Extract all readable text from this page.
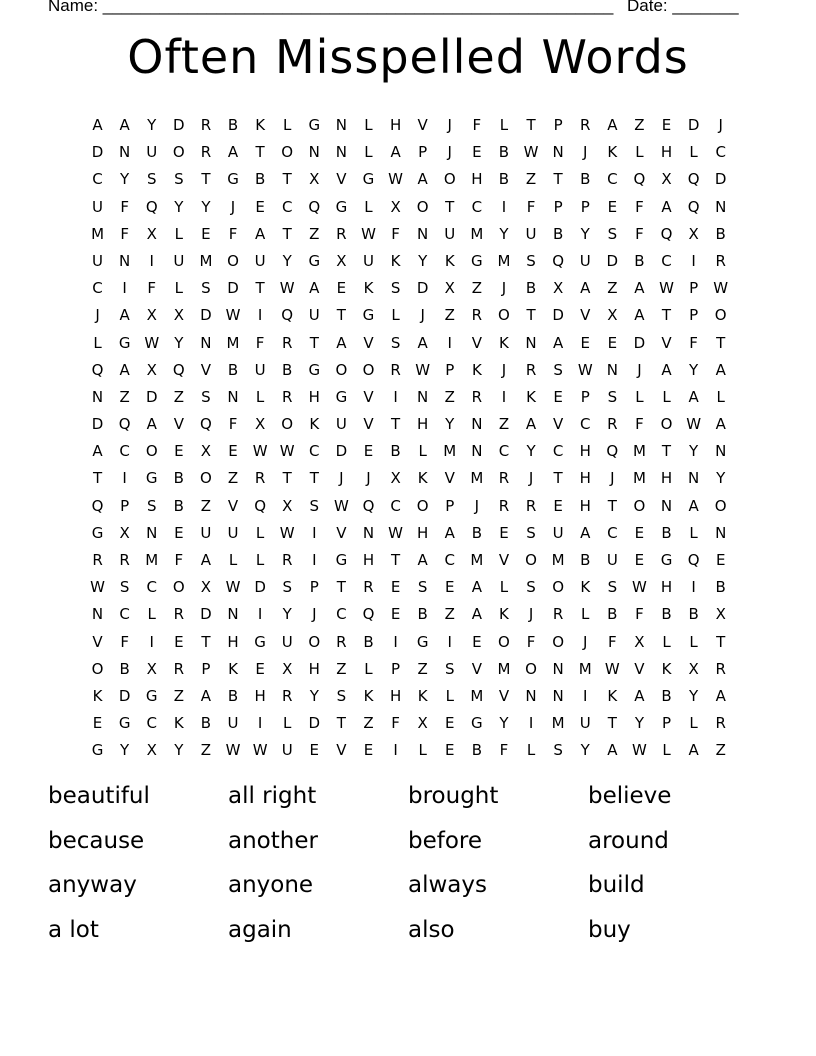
Name: ______________________________________________________ Date: _______
Often Misspelled Words
A A Y D R B K L G N L H V J F L T P R A Z E D J
D N U O R A T O N N L A P J E B W N J K L H L C
C Y S S T G B T X V G W A O H B Z T B C Q X Q D
U F Q Y Y J E C Q G L X O T C I F P P E F A Q N
M F X L E F A T Z R W F N U M Y U B Y S F Q X B
U N I U M O U Y G X U K Y K G M S Q U D B C I R
C I F L S D T W A E K S D X Z J B X A Z A W P W
J A X X D W I Q U T G L J Z R O T D V X A T P O
L G W Y N M F R T A V S A I V K N A E E D V F T
Q A X Q V B U B G O O R W P K J R S W N J A Y A
N Z D Z S N L R H G V I N Z R I K E P S L L A L
D Q A V Q F X O K U V T H Y N Z A V C R F O W A
A C O E X E W W C D E B L M N C Y C H Q M T Y N
T I G B O Z R T T J J X K V M R J T H J M H N Y
Q P S B Z V Q X S W Q C O P J R R E H T O N A O
G X N E U U L W I V N W H A B E S U A C E B L N
R R M F A L L R I G H T A C M V O M B U E G Q E
W S C O X W D S P T R E S E A L S O K S W H I B
N C L R D N I Y J C Q E B Z A K J R L B F B B X
V F I E T H G U O R B I G I E O F O J F X L L T
O B X R P K E X H Z L P Z S V M O N M W V K X R
K D G Z A B H R Y S K H K L M V N N I K A B Y A
E G C K B U I L D T Z F X E G Y I M U T Y P L R
G Y X Y Z W W U E V E I L E B F L S Y A W L A Z
beautiful	all right	brought	believe
because	another	before	around
anyway	anyone	always	build
a lot	again	also	buy
